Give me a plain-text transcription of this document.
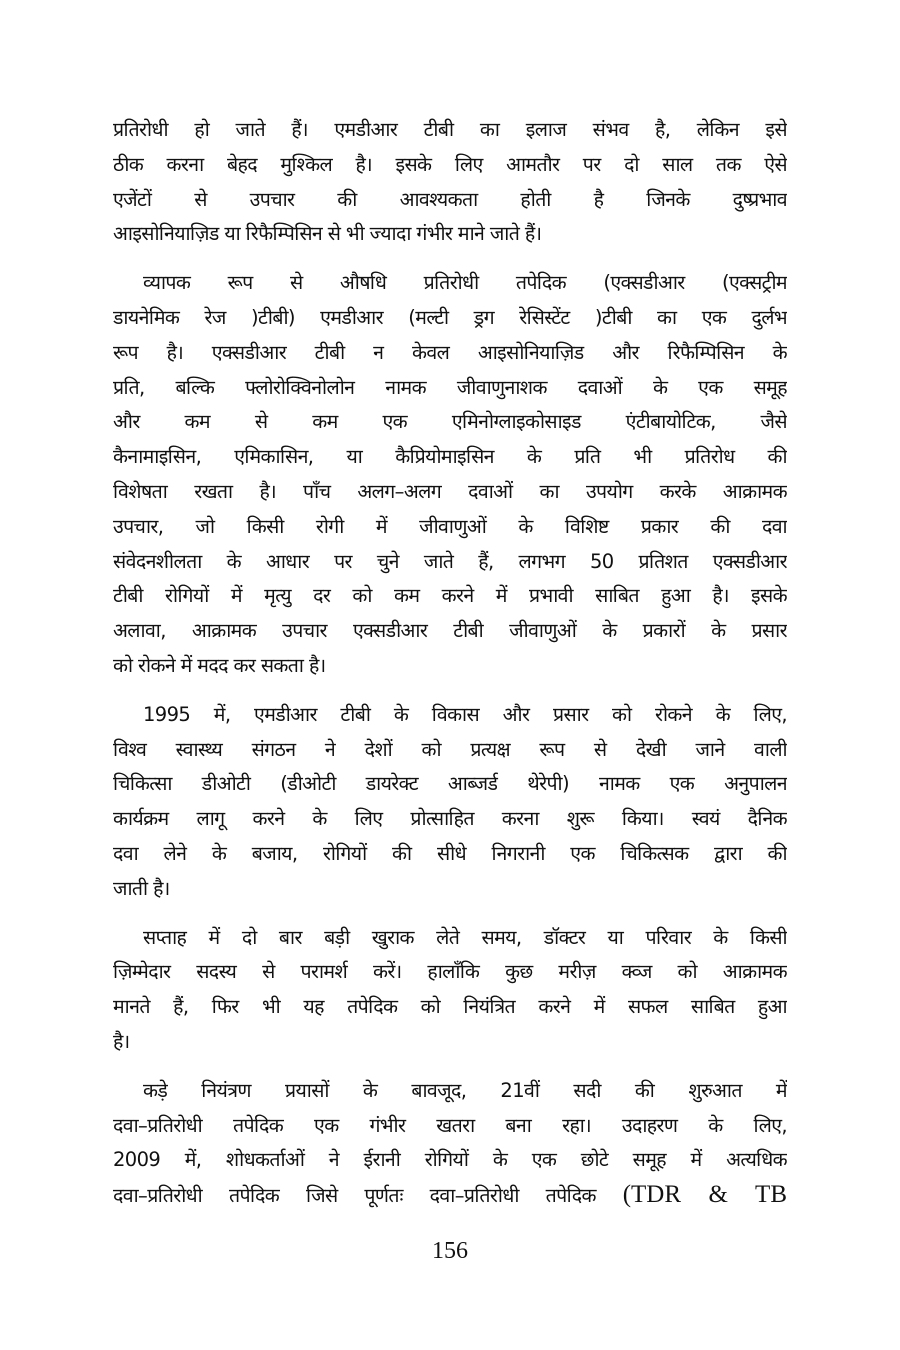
प्रतिरोधी हो जाते हैं। एमडीआर टीबी का इलाज संभव है, लेकिन इसे
ठीक करना बेहद मुश्किल है। इसके लिए आमतौर पर दो साल तक ऐसे
एजेंटों से उपचार की आवश्यकता होती है जिनके दुष्प्रभाव
आइसोनियाज़िड या रिफैम्पिसिन से भी ज्यादा गंभीर माने जाते हैं।
व्यापक रूप से औषधि प्रतिरोधी तपेदिक (एक्सडीआर (एक्सट्रीम
डायनेमिक रेज )टीबी) एमडीआर (मल्टी ड्रग रेसिस्टेंट )टीबी का एक दुर्लभ
रूप है। एक्सडीआर टीबी न केवल आइसोनियाज़िड और रिफैम्पिसिन के
प्रति, बल्कि फ्लोरोक्विनोलोन नामक जीवाणुनाशक दवाओं के एक समूह
और कम से कम एक एमिनोग्लाइकोसाइड एंटीबायोटिक, जैसे
कैनामाइसिन, एमिकासिन, या कैप्रियोमाइसिन के प्रति भी प्रतिरोध की
विशेषता रखता है। पाँच अलग–अलग दवाओं का उपयोग करके आक्रामक
उपचार, जो किसी रोगी में जीवाणुओं के विशिष्ट प्रकार की दवा
संवेदनशीलता के आधार पर चुने जाते हैं, लगभग 50 प्रतिशत एक्सडीआर
टीबी रोगियों में मृत्यु दर को कम करने में प्रभावी साबित हुआ है। इसके
अलावा, आक्रामक उपचार एक्सडीआर टीबी जीवाणुओं के प्रकारों के प्रसार
को रोकने में मदद कर सकता है।
1995 में, एमडीआर टीबी के विकास और प्रसार को रोकने के लिए,
विश्व स्वास्थ्य संगठन ने देशों को प्रत्यक्ष रूप से देखी जाने वाली
चिकित्सा डीओटी (डीओटी डायरेक्ट आब्जर्ड थेरेपी) नामक एक अनुपालन
कार्यक्रम लागू करने के लिए प्रोत्साहित करना शुरू किया। स्वयं दैनिक
दवा लेने के बजाय, रोगियों की सीधे निगरानी एक चिकित्सक द्वारा की
जाती है।
सप्ताह में दो बार बड़ी खुराक लेते समय, डॉक्टर या परिवार के किसी
ज़िम्मेदार सदस्य से परामर्श करें। हालाँकि कुछ मरीज़ क्व्ज को आक्रामक
मानते हैं, फिर भी यह तपेदिक को नियंत्रित करने में सफल साबित हुआ
है।
कड़े नियंत्रण प्रयासों के बावजूद, 21वीं सदी की शुरुआत में
दवा–प्रतिरोधी तपेदिक एक गंभीर खतरा बना रहा। उदाहरण के लिए,
2009 में, शोधकर्ताओं ने ईरानी रोगियों के एक छोटे समूह में अत्यधिक
दवा–प्रतिरोधी तपेदिक जिसे पूर्णतः दवा–प्रतिरोधी तपेदिक (TDR & TB
156
